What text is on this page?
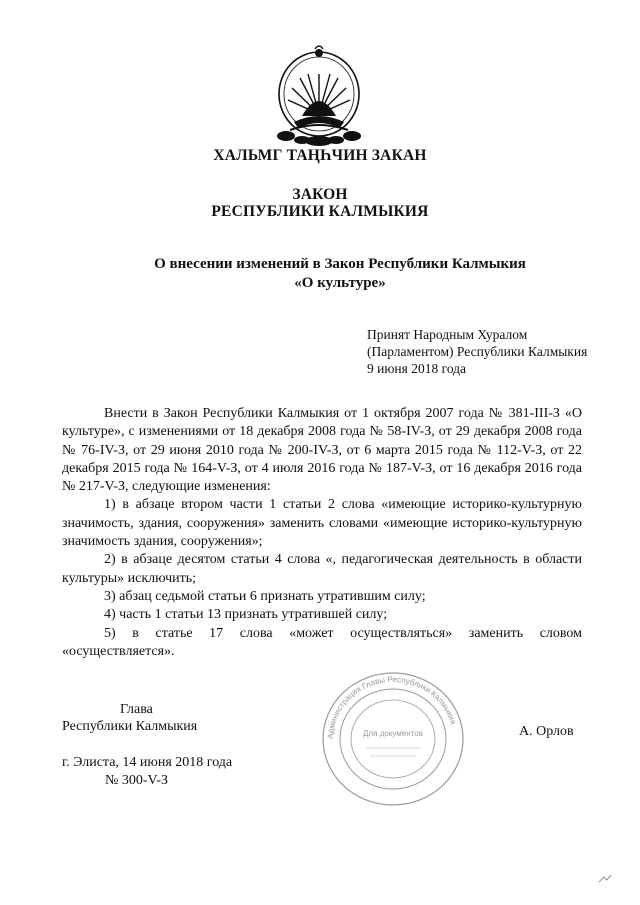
ХАЛЬМГ ТАҢҺЧИН ЗАКАН
ЗАКОН
РЕСПУБЛИКИ КАЛМЫКИЯ
О внесении изменений в Закон Республики Калмыкия
«О культуре»
Принят Народным Хуралом
(Парламентом) Республики Калмыкия
9 июня 2018 года

Внести в Закон Республики Калмыкия от 1 октября 2007 года № 381-III-З «О культуре», с изменениями от 18 декабря 2008 года № 58-IV-З, от 29 декабря 2008 года № 76-IV-З, от 29 июня 2010 года № 200-IV-З, от 6 марта 2015 года № 112-V-З, от 22 декабря 2015 года № 164-V-З, от 4 июля 2016 года № 187-V-З, от 16 декабря 2016 года № 217-V-З, следующие изменения:

1) в абзаце втором части 1 статьи 2 слова «имеющие историко-культурную значимость, здания, сооружения» заменить словами «имеющие историко-культурную значимость здания, сооружения»;

2) в абзаце десятом статьи 4 слова «, педагогическая деятельность в области культуры» исключить;

3) абзац седьмой статьи 6 признать утратившим силу;

4) часть 1 статьи 13 признать утратившей силу;

5) в статье 17 слова «может осуществляться» заменить словом «осуществляется».

Глава
Республики Калмыкия	А. Орлов
г. Элиста, 14 июня 2018 года
№ 300-V-З
Администрация Главы Республики Калмыкия
Для документов
